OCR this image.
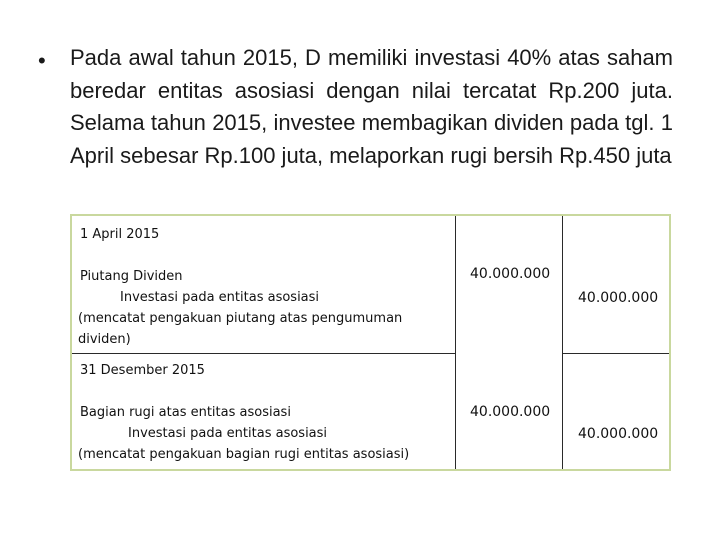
• Pada awal tahun 2015, D memiliki investasi 40% atas saham beredar entitas asosiasi dengan nilai tercatat Rp.200 juta. Selama tahun 2015, investee membagikan dividen pada tgl. 1 April sebesar Rp.100 juta, melaporkan rugi bersih Rp.450 juta
1 April 2015
Piutang Dividen
Investasi pada entitas asosiasi
(mencatat pengakuan piutang atas pengumuman
dividen)
40.000.000
40.000.000
31 Desember 2015
Bagian rugi atas entitas asosiasi
Investasi pada entitas asosiasi
(mencatat pengakuan bagian rugi entitas asosiasi)
40.000.000
40.000.000
